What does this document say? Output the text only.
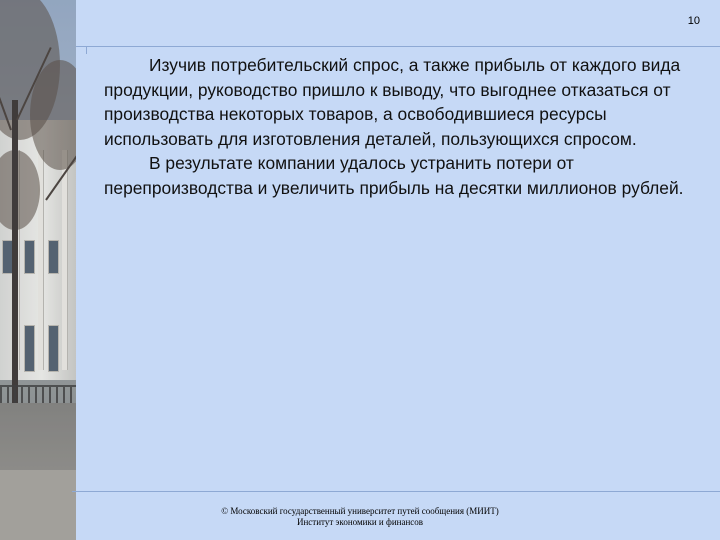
10

Изучив потребительский спрос, а также прибыль от каждого вида продукции, руководство пришло к выводу, что выгоднее отказаться от производства некоторых товаров, а освободившиеся ресурсы использовать для изготовления деталей, пользующихся спросом.

В результате компании удалось устранить потери от перепроизводства и увеличить прибыль на десятки миллионов рублей.

© Московский государственный университет путей сообщения (МИИТ)
Институт экономики и финансов
